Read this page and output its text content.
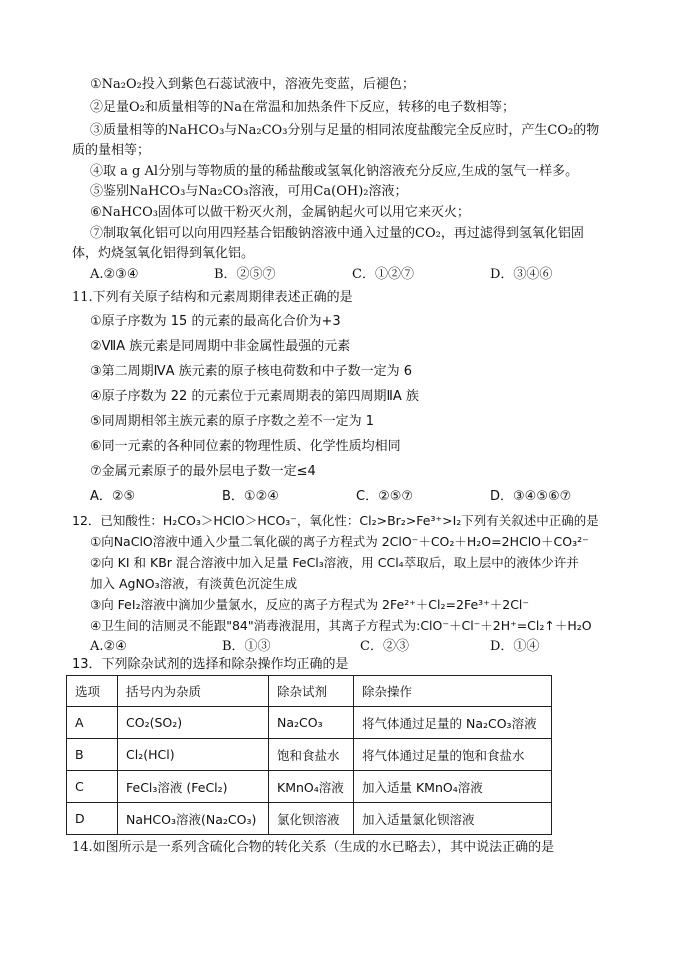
①Na₂O₂投入到紫色石蕊试液中，溶液先变蓝，后褪色；
②足量O₂和质量相等的Na在常温和加热条件下反应，转移的电子数相等；
③质量相等的NaHCO₃与Na₂CO₃分别与足量的相同浓度盐酸完全反应时，产生CO₂的物
质的量相等；
④取 a g Al分别与等物质的量的稀盐酸或氢氧化钠溶液充分反应,生成的氢气一样多。
⑤鉴别NaHCO₃与Na₂CO₃溶液，可用Ca(OH)₂溶液；
⑥NaHCO₃固体可以做干粉灭火剂，金属钠起火可以用它来灭火；
⑦制取氧化铝可以向用四羟基合铝酸钠溶液中通入过量的CO₂，再过滤得到氢氧化铝固
体，灼烧氢氧化铝得到氧化铝。
A.②③④	B．②⑤⑦	C．①②⑦	D．③④⑥
11.下列有关原子结构和元素周期律表述正确的是
①原子序数为 15 的元素的最高化合价为+3
②ⅦA 族元素是同周期中非金属性最强的元素
③第二周期ⅣA 族元素的原子核电荷数和中子数一定为 6
④原子序数为 22 的元素位于元素周期表的第四周期ⅡA 族
⑤同周期相邻主族元素的原子序数之差不一定为 1
⑥同一元素的各种同位素的物理性质、化学性质均相同
⑦金属元素原子的最外层电子数一定≤4
A．②⑤	B．①②④	C．②⑤⑦	D．③④⑤⑥⑦
12．已知酸性：H₂CO₃＞HClO＞HCO₃⁻，氧化性：Cl₂>Br₂>Fe³⁺>I₂下列有关叙述中正确的是
①向NaClO溶液中通入少量二氧化碳的离子方程式为 2ClO⁻＋CO₂＋H₂O=2HClO＋CO₃²⁻
②向 KI 和 KBr 混合溶液中加入足量 FeCl₃溶液，用 CCl₄萃取后，取上层中的液体少许并
加入 AgNO₃溶液，有淡黄色沉淀生成
③向 FeI₂溶液中滴加少量氯水，反应的离子方程式为 2Fe²⁺＋Cl₂=2Fe³⁺＋2Cl⁻
④卫生间的洁厕灵不能跟"84"消毒液混用，其离子方程式为:ClO⁻＋Cl⁻＋2H⁺=Cl₂↑＋H₂O
A.②④	B．①③	C．②③	D．①④
13．下列除杂试剂的选择和除杂操作均正确的是
选项	括号内为杂质	除杂试剂	除杂操作
A	CO₂(SO₂)	Na₂CO₃	将气体通过足量的 Na₂CO₃溶液
B	Cl₂(HCl)	饱和食盐水	将气体通过足量的饱和食盐水
C	FeCl₃溶液 (FeCl₂)	KMnO₄溶液	加入适量 KMnO₄溶液
D	NaHCO₃溶液(Na₂CO₃)	氯化钡溶液	加入适量氯化钡溶液
14.如图所示是一系列含硫化合物的转化关系（生成的水已略去），其中说法正确的是
